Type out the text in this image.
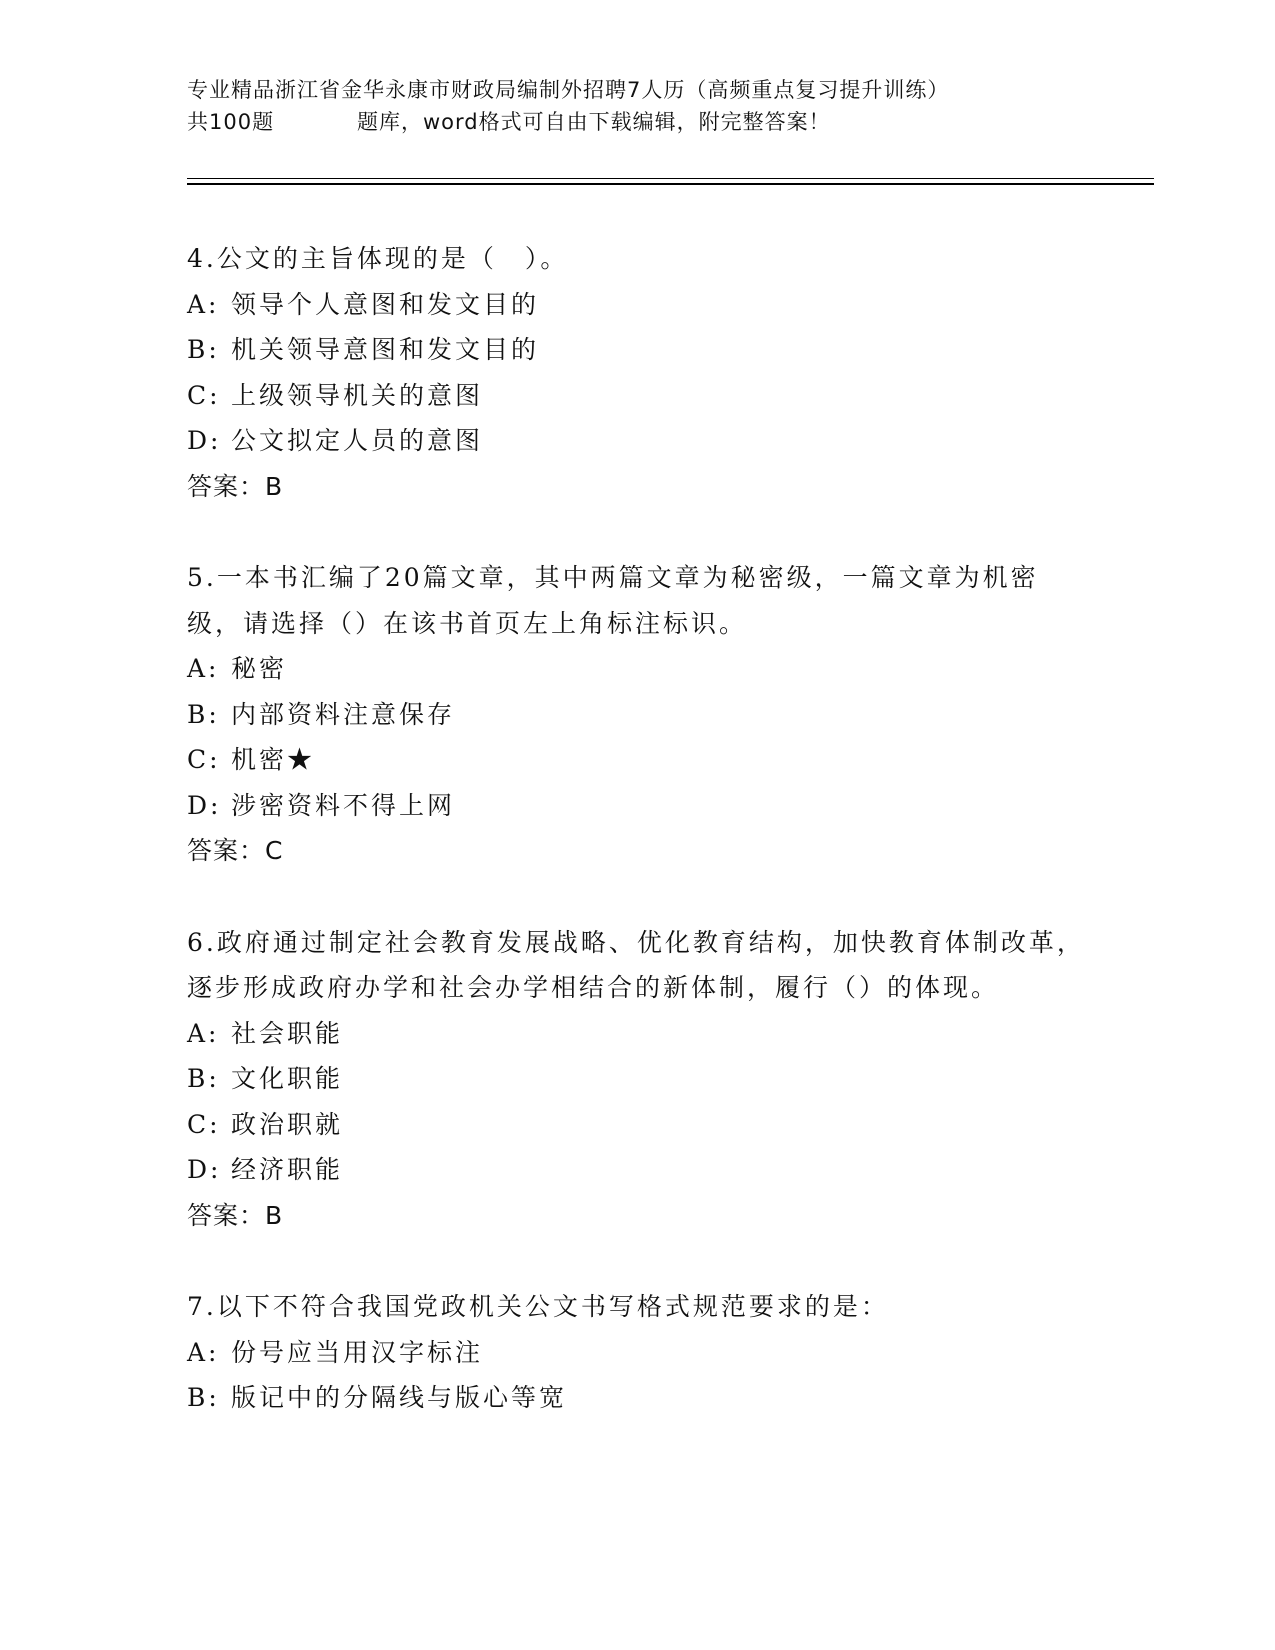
专业精品浙江省金华永康市财政局编制外招聘7人历（高频重点复习提升训练）
共100题	题库，word格式可自由下载编辑，附完整答案！

4.公文的主旨体现的是（　）。

A: 领导个人意图和发文目的
B: 机关领导意图和发文目的
C: 上级领导机关的意图
D: 公文拟定人员的意图

答案：B

5.一本书汇编了20篇文章，其中两篇文章为秘密级，一篇文章为机密级，请选择（）在该书首页左上角标注标识。

A: 秘密
B: 内部资料注意保存
C: 机密★
D: 涉密资料不得上网

答案：C

6.政府通过制定社会教育发展战略、优化教育结构，加快教育体制改革，逐步形成政府办学和社会办学相结合的新体制，履行（）的体现。

A: 社会职能
B: 文化职能
C: 政治职就
D: 经济职能

答案：B

7.以下不符合我国党政机关公文书写格式规范要求的是：

A: 份号应当用汉字标注
B: 版记中的分隔线与版心等宽
